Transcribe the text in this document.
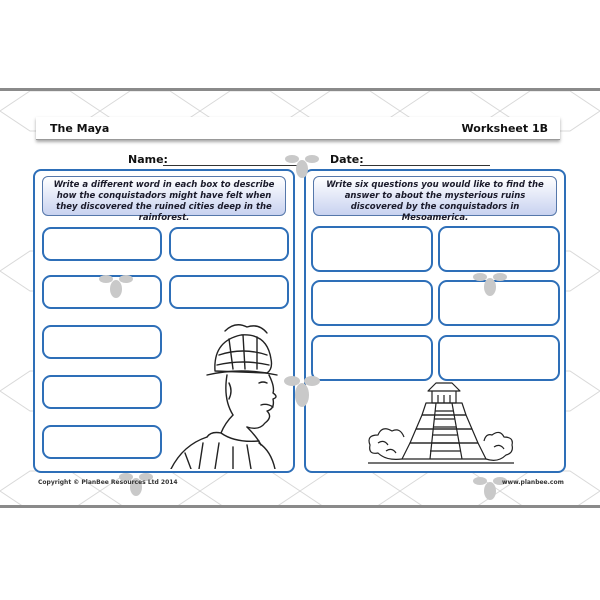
The Maya	Worksheet 1B
Name:	Date:
Write a different word in each box to describe how the conquistadors might have felt when they discovered the ruined cities deep in the rainforest.
Write six questions you would like to find the answer to about the mysterious ruins discovered by the conquistadors in Mesoamerica.
Copyright © PlanBee Resources Ltd 2014	www.planbee.com
